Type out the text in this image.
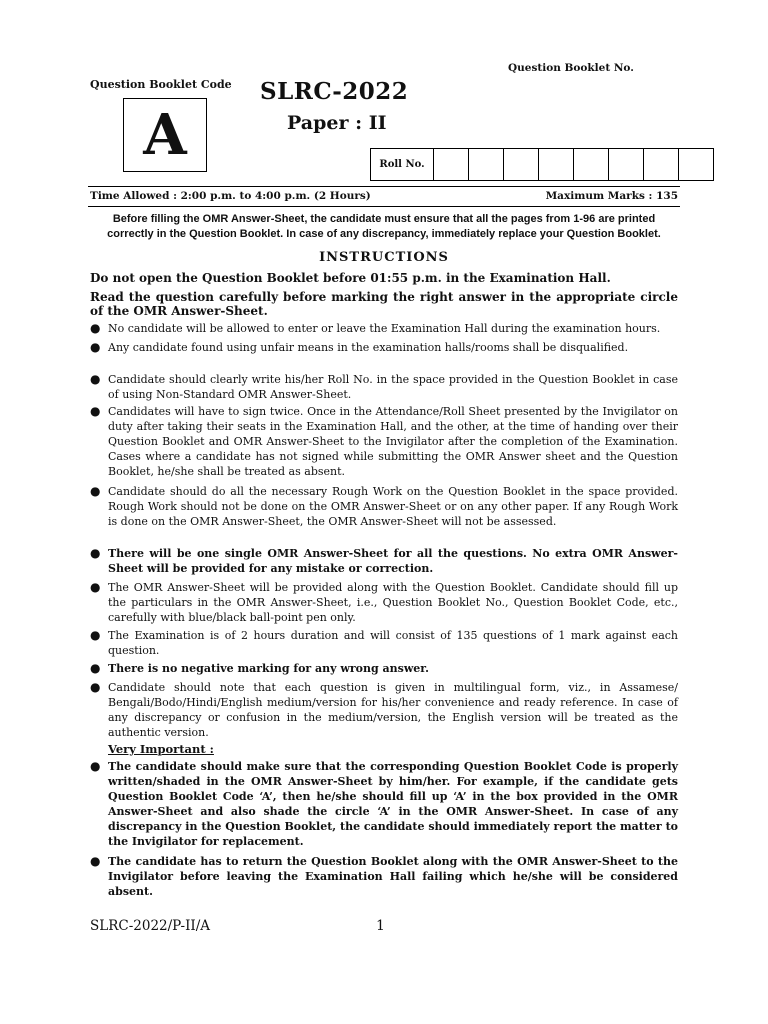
Question Booklet No.
Question Booklet Code
A
SLRC-2022
Paper : II
Roll No.
Time Allowed : 2:00 p.m. to 4:00 p.m. (2 Hours)	Maximum Marks : 135
Before filling the OMR Answer-Sheet, the candidate must ensure that all the pages from 1-96 are printed correctly in the Question Booklet. In case of any discrepancy, immediately replace your Question Booklet.
INSTRUCTIONS
Do not open the Question Booklet before 01:55 p.m. in the Examination Hall.
Read the question carefully before marking the right answer in the appropriate circle of the OMR Answer-Sheet.
● No candidate will be allowed to enter or leave the Examination Hall during the examination hours.
● Any candidate found using unfair means in the examination halls/rooms shall be disqualified.
● Candidate should clearly write his/her Roll No. in the space provided in the Question Booklet in case of using Non-Standard OMR Answer-Sheet.
● Candidates will have to sign twice. Once in the Attendance/Roll Sheet presented by the Invigilator on duty after taking their seats in the Examination Hall, and the other, at the time of handing over their Question Booklet and OMR Answer-Sheet to the Invigilator after the completion of the Examination. Cases where a candidate has not signed while submitting the OMR Answer sheet and the Question Booklet, he/she shall be treated as absent.
● Candidate should do all the necessary Rough Work on the Question Booklet in the space provided. Rough Work should not be done on the OMR Answer-Sheet or on any other paper. If any Rough Work is done on the OMR Answer-Sheet, the OMR Answer-Sheet will not be assessed.
● There will be one single OMR Answer-Sheet for all the questions. No extra OMR Answer-Sheet will be provided for any mistake or correction.
● The OMR Answer-Sheet will be provided along with the Question Booklet. Candidate should fill up the particulars in the OMR Answer-Sheet, i.e., Question Booklet No., Question Booklet Code, etc., carefully with blue/black ball-point pen only.
● The Examination is of 2 hours duration and will consist of 135 questions of 1 mark against each question.
● There is no negative marking for any wrong answer.
● Candidate should note that each question is given in multilingual form, viz., in Assamese/ Bengali/Bodo/Hindi/English medium/version for his/her convenience and ready reference. In case of any discrepancy or confusion in the medium/version, the English version will be treated as the authentic version.
Very Important :
● The candidate should make sure that the corresponding Question Booklet Code is properly written/shaded in the OMR Answer-Sheet by him/her. For example, if the candidate gets Question Booklet Code ‘A’, then he/she should fill up ‘A’ in the box provided in the OMR Answer-Sheet and also shade the circle ‘A’ in the OMR Answer-Sheet. In case of any discrepancy in the Question Booklet, the candidate should immediately report the matter to the Invigilator for replacement.
● The candidate has to return the Question Booklet along with the OMR Answer-Sheet to the Invigilator before leaving the Examination Hall failing which he/she will be considered absent.
SLRC-2022/P-II/A	1
